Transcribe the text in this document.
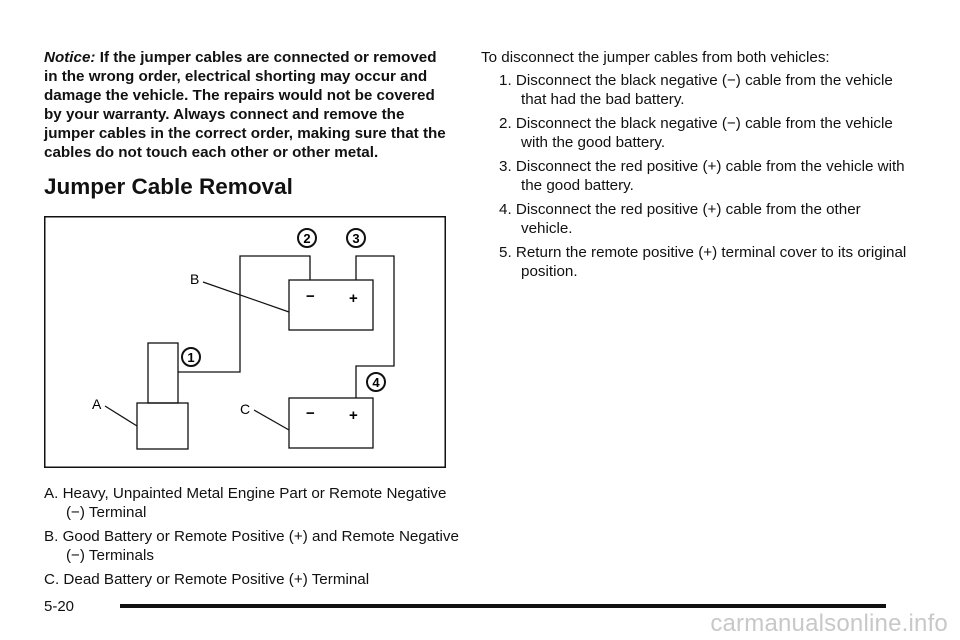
Notice: If the jumper cables are connected or removed in the wrong order, electrical shorting may occur and damage the vehicle. The repairs would not be covered by your warranty. Always connect and remove the jumper cables in the correct order, making sure that the cables do not touch each other or other metal.

Jumper Cable Removal
A
B
C
− +
− +
1
2	3
4

A. Heavy, Unpainted Metal Engine Part or Remote Negative (−) Terminal

B. Good Battery or Remote Positive (+) and Remote Negative (−) Terminals

C. Dead Battery or Remote Positive (+) Terminal

To disconnect the jumper cables from both vehicles:

1. Disconnect the black negative (−) cable from the vehicle that had the bad battery.
2. Disconnect the black negative (−) cable from the vehicle with the good battery.
3. Disconnect the red positive (+) cable from the vehicle with the good battery.
4. Disconnect the red positive (+) cable from the other vehicle.
5. Return the remote positive (+) terminal cover to its original position.
5-20
carmanualsonline.info
